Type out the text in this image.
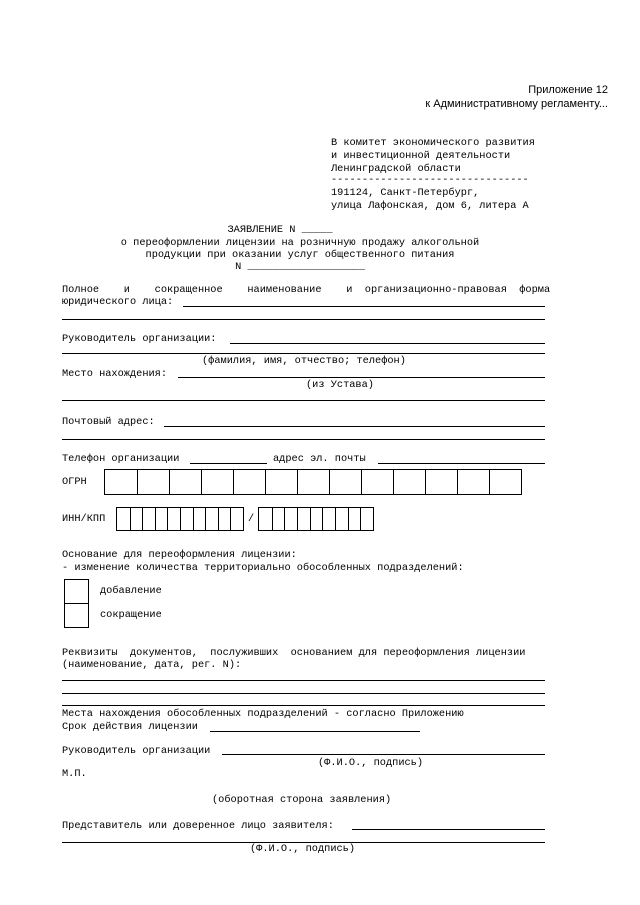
Приложение 12
к Административному регламенту...
В комитет экономического развития
и инвестиционной деятельности
Ленинградской области
--------------------------------
191124, Санкт-Петербург,
улица Лафонская, дом 6, литера А
ЗАЯВЛЕНИЕ N _____
о переоформлении лицензии на розничную продажу алкогольной
продукции при оказании услуг общественного питания
N ___________________
Полное    и    сокращенное    наименование    и  организационно-правовая  форма
юридического лица:
Руководитель организации:
(фамилия, имя, отчество; телефон)
Место нахождения:
(из Устава)
Почтовый адрес:
Телефон организации	адрес эл. почты
ОГРН
ИНН/КПП	/
Основание для переоформления лицензии:
- изменение количества территориально обособленных подразделений:
добавление
сокращение
Реквизиты  документов,  послуживших  основанием для переоформления лицензии
(наименование, дата, рег. N):
Места нахождения обособленных подразделений - согласно Приложению
Срок действия лицензии
Руководитель организации
(Ф.И.О., подпись)
М.П.
(оборотная сторона заявления)
Представитель или доверенное лицо заявителя:
(Ф.И.О., подпись)
